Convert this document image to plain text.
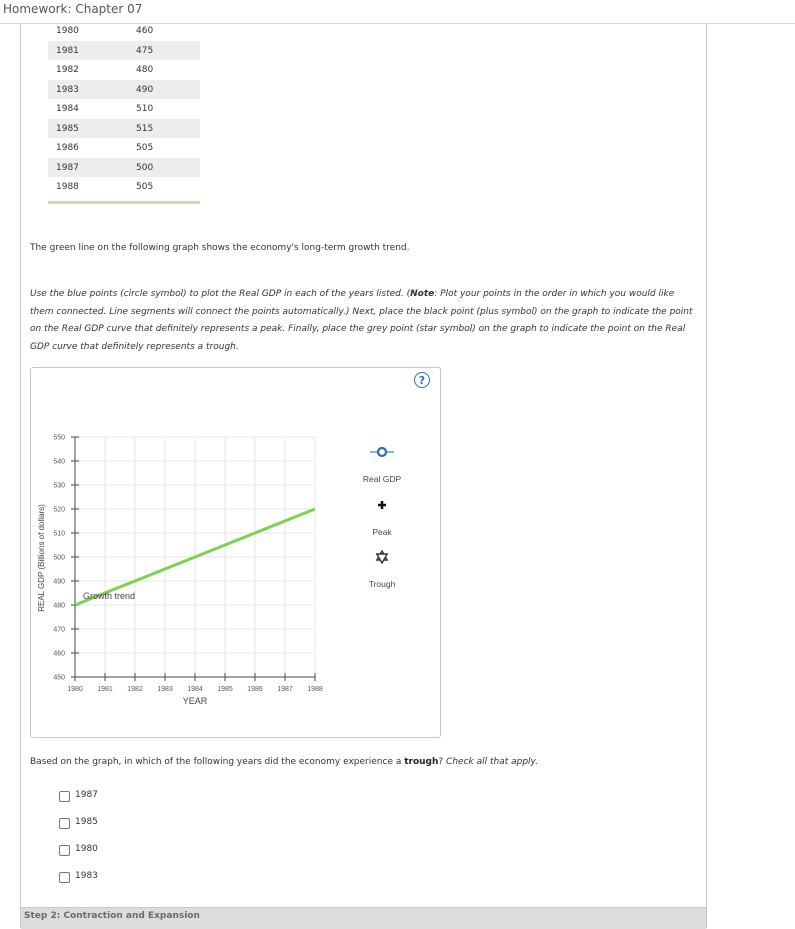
Homework: Chapter 07
1980	460
1981	475
1982	480
1983	490
1984	510
1985	515
1986	505
1987	500
1988	505
The green line on the following graph shows the economy's long-term growth trend.
Use the blue points (circle symbol) to plot the Real GDP in each of the years listed. (Note: Plot your points in the order in which you would like them connected. Line segments will connect the points automatically.) Next, place the black point (plus symbol) on the graph to indicate the point on the Real GDP curve that definitely represents a peak. Finally, place the grey point (star symbol) on the graph to indicate the point on the Real GDP curve that definitely represents a trough.
?
450
460
470
480
490
500
510
520
530
540
550
1980 1981 1982 1983 1984 1985 1986 1987 1988
YEAR
REAL GDP (Billions of dollars)	Growth trend
Real GDP
Peak
Trough
Based on the graph, in which of the following years did the economy experience a trough? Check all that apply.
1987
1985
1980
1983
Step 2: Contraction and Expansion
